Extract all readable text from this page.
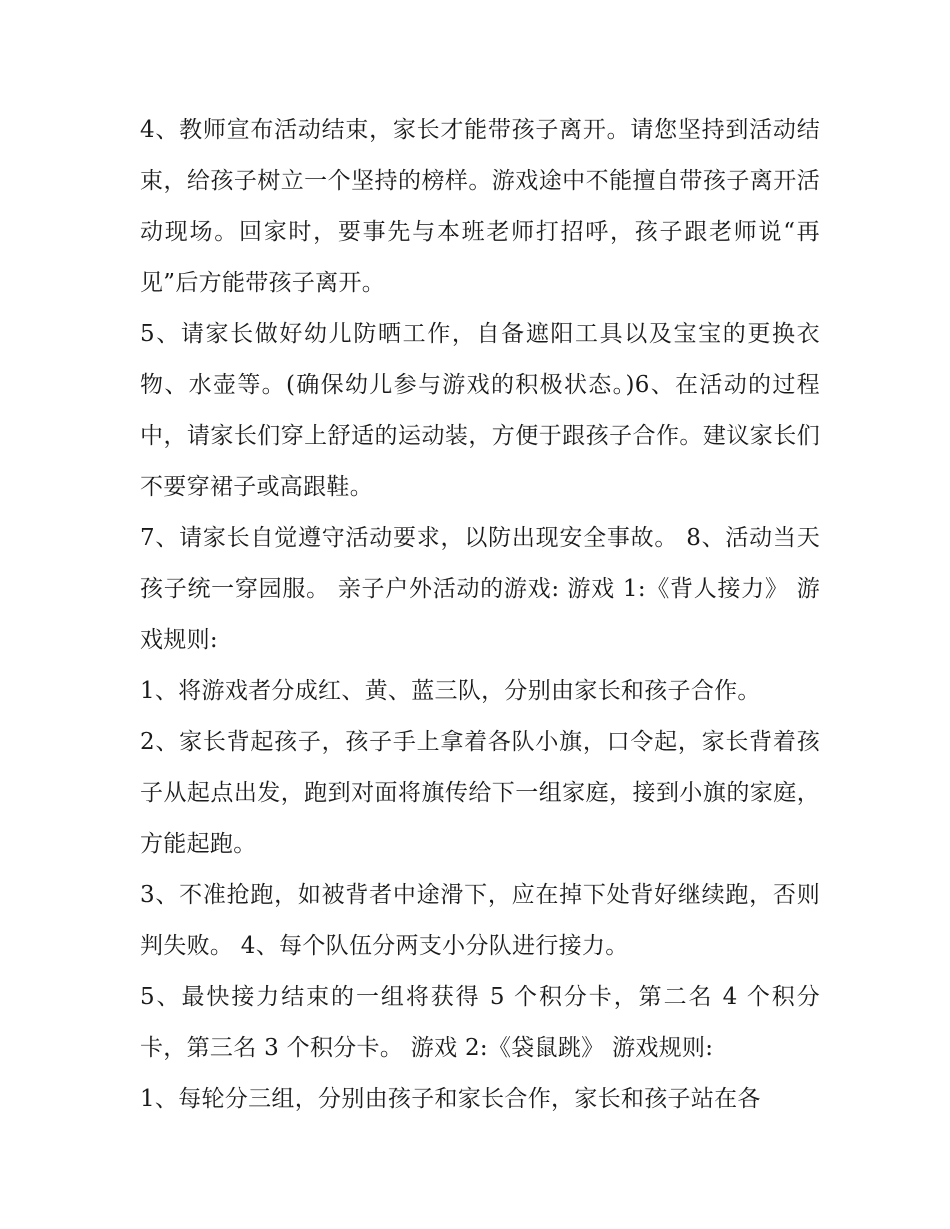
4、教师宣布活动结束，家长才能带孩子离开。请您坚持到活动结束，给孩子树立一个坚持的榜样。游戏途中不能擅自带孩子离开活动现场。回家时，要事先与本班老师打招呼，孩子跟老师说“再见”后方能带孩子离开。

5、请家长做好幼儿防晒工作，自备遮阳工具以及宝宝的更换衣物、水壶等。(确保幼儿参与游戏的积极状态。)6、在活动的过程中，请家长们穿上舒适的运动装，方便于跟孩子合作。建议家长们不要穿裙子或高跟鞋。

7、请家长自觉遵守活动要求，以防出现安全事故。 8、活动当天孩子统一穿园服。 亲子户外活动的游戏: 游戏 1:《背人接力》 游戏规则:

1、将游戏者分成红、黄、蓝三队，分别由家长和孩子合作。

2、家长背起孩子，孩子手上拿着各队小旗，口令起，家长背着孩子从起点出发，跑到对面将旗传给下一组家庭，接到小旗的家庭，方能起跑。

3、不准抢跑，如被背者中途滑下，应在掉下处背好继续跑，否则判失败。 4、每个队伍分两支小分队进行接力。

5、最快接力结束的一组将获得 5 个积分卡，第二名 4 个积分卡，第三名 3 个积分卡。 游戏 2:《袋鼠跳》 游戏规则:

1、每轮分三组，分别由孩子和家长合作，家长和孩子站在各
